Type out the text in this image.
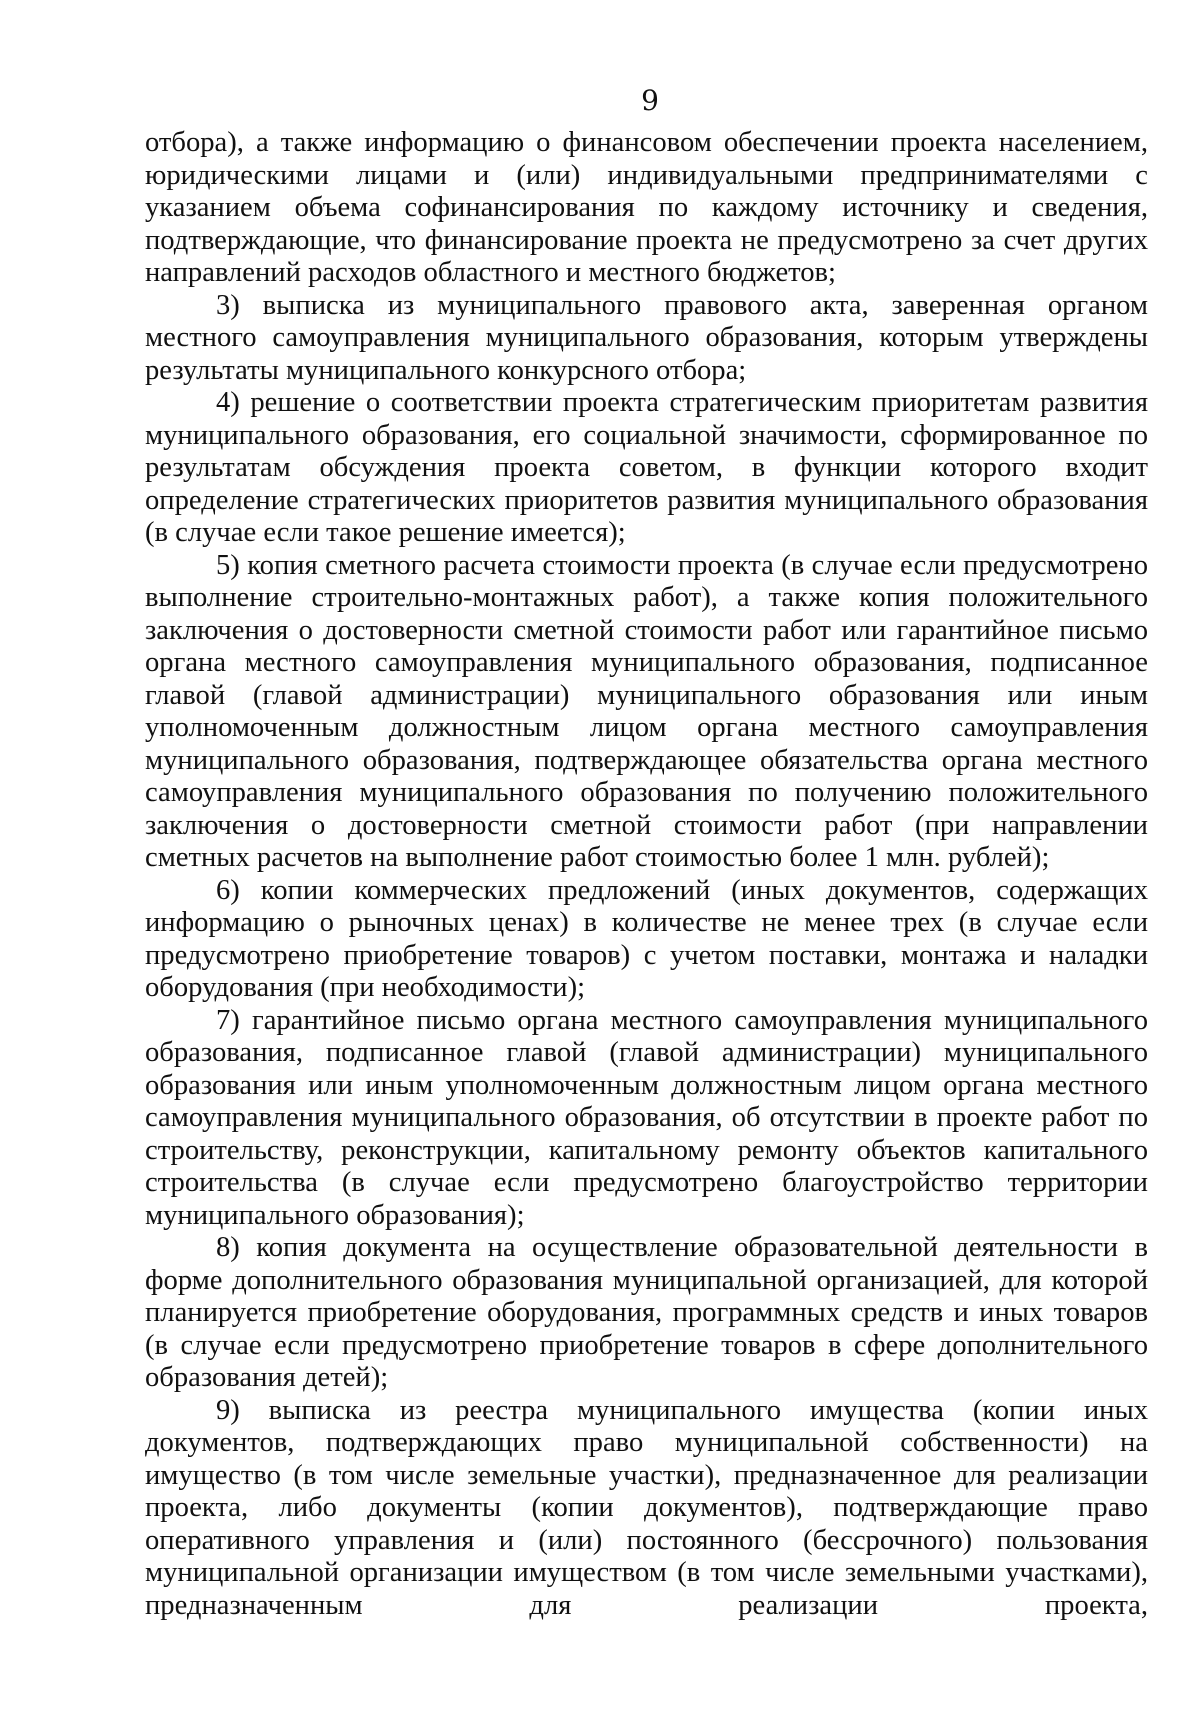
9

отбора), а также информацию о финансовом обеспечении проекта населением, юридическими лицами и (или) индивидуальными предпринимателями с указанием объема софинансирования по каждому источнику и сведения, подтверждающие, что финансирование проекта не предусмотрено за счет других направлений расходов областного и местного бюджетов;

3) выписка из муниципального правового акта, заверенная органом местного самоуправления муниципального образования, которым утверждены результаты муниципального конкурсного отбора;

4) решение о соответствии проекта стратегическим приоритетам развития муниципального образования, его социальной значимости, сформированное по результатам обсуждения проекта советом, в функции которого входит определение стратегических приоритетов развития муниципального образования (в случае если такое решение имеется);

5) копия сметного расчета стоимости проекта (в случае если предусмотрено выполнение строительно-монтажных работ), а также копия положительного заключения о достоверности сметной стоимости работ или гарантийное письмо органа местного самоуправления муниципального образования, подписанное главой (главой администрации) муниципального образования или иным уполномоченным должностным лицом органа местного самоуправления муниципального образования, подтверждающее обязательства органа местного самоуправления муниципального образования по получению положительного заключения о достоверности сметной стоимости работ (при направлении сметных расчетов на выполнение работ стоимостью более 1 млн. рублей);

6) копии коммерческих предложений (иных документов, содержащих информацию о рыночных ценах) в количестве не менее трех (в случае если предусмотрено приобретение товаров) с учетом поставки, монтажа и наладки оборудования (при необходимости);

7) гарантийное письмо органа местного самоуправления муниципального образования, подписанное главой (главой администрации) муниципального образования или иным уполномоченным должностным лицом органа местного самоуправления муниципального образования, об отсутствии в проекте работ по строительству, реконструкции, капитальному ремонту объектов капитального строительства (в случае если предусмотрено благоустройство территории муниципального образования);

8) копия документа на осуществление образовательной деятельности в форме дополнительного образования муниципальной организацией, для которой планируется приобретение оборудования, программных средств и иных товаров (в случае если предусмотрено приобретение товаров в сфере дополнительного образования детей);

9) выписка из реестра муниципального имущества (копии иных документов, подтверждающих право муниципальной собственности) на имущество (в том числе земельные участки), предназначенное для реализации проекта, либо документы (копии документов), подтверждающие право оперативного управления и (или) постоянного (бессрочного) пользования муниципальной организации имуществом (в том числе земельными участками), предназначенным для реализации проекта,
